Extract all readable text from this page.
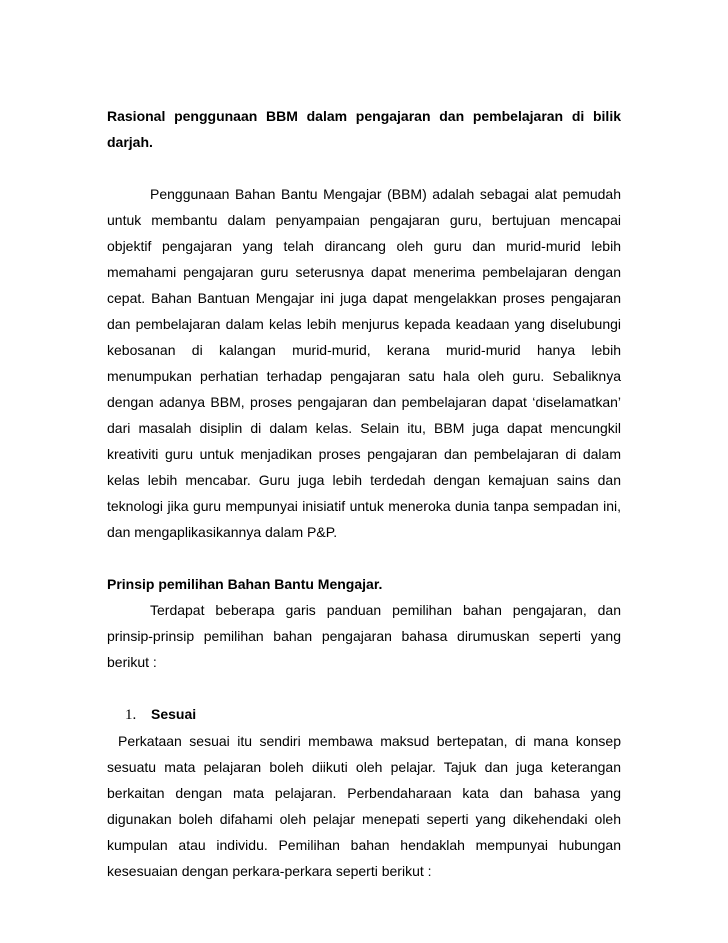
Rasional penggunaan BBM dalam pengajaran dan pembelajaran di bilik darjah.

Penggunaan Bahan Bantu Mengajar (BBM) adalah sebagai alat pemudah untuk membantu dalam penyampaian pengajaran guru, bertujuan mencapai objektif pengajaran yang telah dirancang oleh guru dan murid-murid lebih memahami pengajaran guru seterusnya dapat menerima pembelajaran dengan cepat. Bahan Bantuan Mengajar ini juga dapat mengelakkan proses pengajaran dan pembelajaran dalam kelas lebih menjurus kepada keadaan yang diselubungi kebosanan di kalangan murid-murid, kerana murid-murid hanya lebih menumpukan perhatian terhadap pengajaran satu hala oleh guru. Sebaliknya dengan adanya BBM, proses pengajaran dan pembelajaran dapat ‘diselamatkan’ dari masalah disiplin di dalam kelas. Selain itu, BBM juga dapat mencungkil kreativiti guru untuk menjadikan proses pengajaran dan pembelajaran di dalam kelas lebih mencabar. Guru juga lebih terdedah dengan kemajuan sains dan teknologi jika guru mempunyai inisiatif untuk meneroka dunia tanpa sempadan ini, dan mengaplikasikannya dalam P&P.

Prinsip pemilihan Bahan Bantu Mengajar.

Terdapat beberapa garis panduan pemilihan bahan pengajaran, dan prinsip-prinsip pemilihan bahan pengajaran bahasa dirumuskan seperti yang berikut :

1. Sesuai

Perkataan sesuai itu sendiri membawa maksud bertepatan, di mana konsep sesuatu mata pelajaran boleh diikuti oleh pelajar. Tajuk dan juga keterangan berkaitan dengan mata pelajaran. Perbendaharaan kata dan bahasa yang digunakan boleh difahami oleh pelajar menepati seperti yang dikehendaki oleh kumpulan atau individu. Pemilihan bahan hendaklah mempunyai hubungan kesesuaian dengan perkara-perkara seperti berikut :
